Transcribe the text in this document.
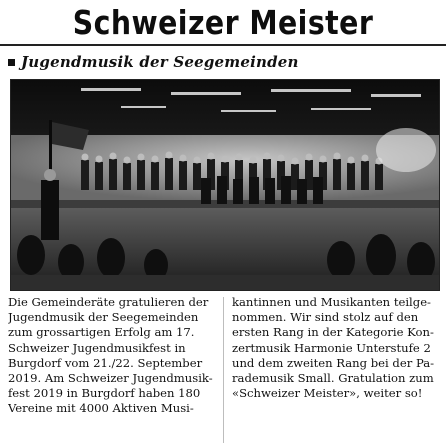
Schweizer Meister
Jugendmusik der Seegemeinden
Die Gemeinderäte gratulieren der
Jugendmusik der Seegemeinden
zum grossartigen Erfolg am 17.
Schweizer Jugendmusikfest in
Burgdorf vom 21./22. September
2019. Am Schweizer Jugendmusik-
fest 2019 in Burgdorf haben 180
Vereine mit 4000 Aktiven Musi-
kantinnen und Musikanten teilge-
nommen. Wir sind stolz auf den
ersten Rang in der Kategorie Kon-
zertmusik Harmonie Unterstufe 2
und dem zweiten Rang bei der Pa-
rademusik Small. Gratulation zum
«Schweizer Meister», weiter so!
